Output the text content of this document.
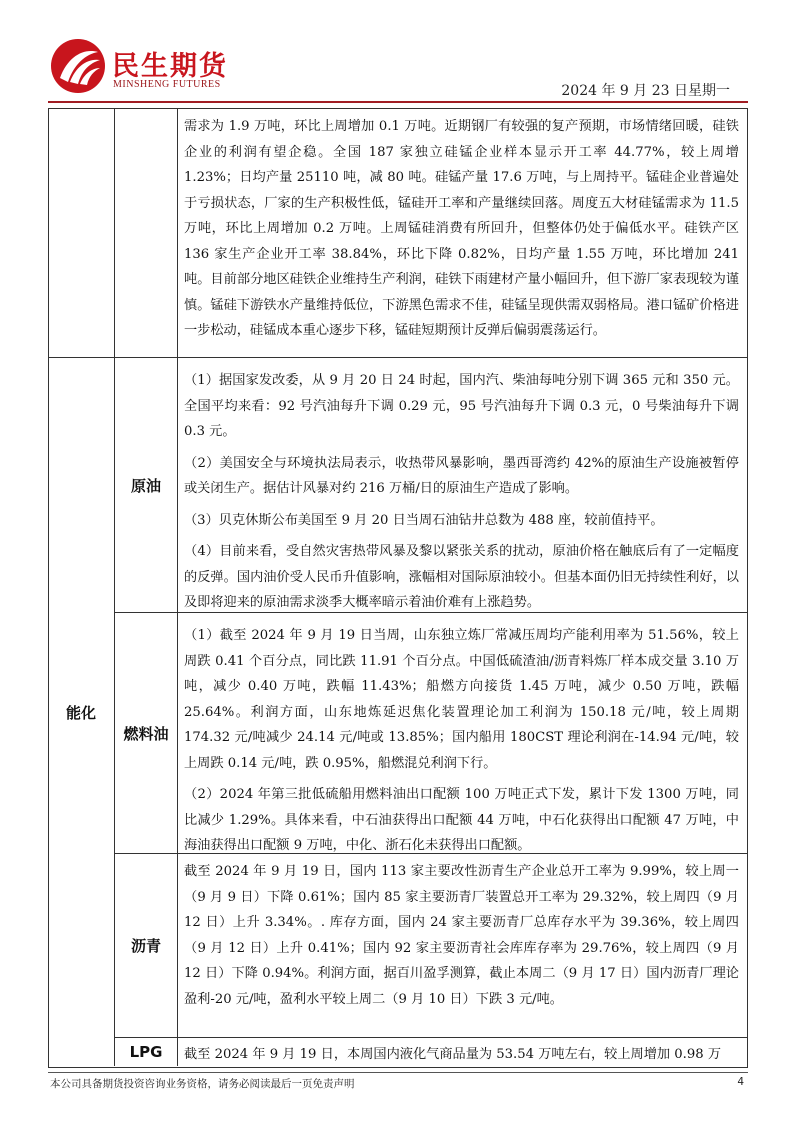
民生期货
MINSHENG FUTURES	2024 年 9 月 23 日星期一
能化
原油
燃料油
沥青
LPG

需求为 1.9 万吨，环比上周增加 0.1 万吨。近期钢厂有较强的复产预期，市场情绪回暖，硅铁企业的利润有望企稳。全国 187 家独立硅锰企业样本显示开工率 44.77%，较上周增 1.23%；日均产量 25110 吨，减 80 吨。硅锰产量 17.6 万吨，与上周持平。锰硅企业普遍处于亏损状态，厂家的生产积极性低，锰硅开工率和产量继续回落。周度五大材硅锰需求为 11.5 万吨，环比上周增加 0.2 万吨。上周锰硅消费有所回升，但整体仍处于偏低水平。硅铁产区 136 家生产企业开工率 38.84%，环比下降 0.82%，日均产量 1.55 万吨，环比增加 241 吨。目前部分地区硅铁企业维持生产利润，硅铁下雨建材产量小幅回升，但下游厂家表现较为谨慎。锰硅下游铁水产量维持低位，下游黑色需求不佳，硅锰呈现供需双弱格局。港口锰矿价格进一步松动，硅锰成本重心逐步下移，锰硅短期预计反弹后偏弱震荡运行。

（1）据国家发改委，从 9 月 20 日 24 时起，国内汽、柴油每吨分别下调 365 元和 350 元。全国平均来看：92 号汽油每升下调 0.29 元，95 号汽油每升下调 0.3 元，0 号柴油每升下调 0.3 元。

（2）美国安全与环境执法局表示，收热带风暴影响，墨西哥湾约 42%的原油生产设施被暂停或关闭生产。据估计风暴对约 216 万桶/日的原油生产造成了影响。

（3）贝克休斯公布美国至 9 月 20 日当周石油钻井总数为 488 座，较前值持平。

（4）目前来看，受自然灾害热带风暴及黎以紧张关系的扰动，原油价格在触底后有了一定幅度的反弹。国内油价受人民币升值影响，涨幅相对国际原油较小。但基本面仍旧无持续性利好，以及即将迎来的原油需求淡季大概率暗示着油价难有上涨趋势。

（1）截至 2024 年 9 月 19 日当周，山东独立炼厂常减压周均产能利用率为 51.56%，较上周跌 0.41 个百分点，同比跌 11.91 个百分点。中国低硫渣油/沥青料炼厂样本成交量 3.10 万吨，减少 0.40 万吨，跌幅 11.43%；船燃方向接货 1.45 万吨，减少 0.50 万吨，跌幅 25.64%。利润方面，山东地炼延迟焦化装置理论加工利润为 150.18 元/吨，较上周期 174.32 元/吨减少 24.14 元/吨或 13.85%；国内船用 180CST 理论利润在-14.94 元/吨，较上周跌 0.14 元/吨，跌 0.95%，船燃混兑利润下行。

（2）2024 年第三批低硫船用燃料油出口配额 100 万吨正式下发，累计下发 1300 万吨，同比减少 1.29%。具体来看，中石油获得出口配额 44 万吨，中石化获得出口配额 47 万吨，中海油获得出口配额 9 万吨，中化、浙石化未获得出口配额。

截至 2024 年 9 月 19 日，国内 113 家主要改性沥青生产企业总开工率为 9.99%，较上周一（9 月 9 日）下降 0.61%；国内 85 家主要沥青厂装置总开工率为 29.32%，较上周四（9 月 12 日）上升 3.34%。. 库存方面，国内 24 家主要沥青厂总库存水平为 39.36%，较上周四（9 月 12 日）上升 0.41%；国内 92 家主要沥青社会库库存率为 29.76%，较上周四（9 月 12 日）下降 0.94%。利润方面，据百川盈孚测算，截止本周二（9 月 17 日）国内沥青厂理论盈利-20 元/吨，盈利水平较上周二（9 月 10 日）下跌 3 元/吨。

截至 2024 年 9 月 19 日，本周国内液化气商品量为 53.54 万吨左右，较上周增加 0.98 万

本公司具备期货投资咨询业务资格，请务必阅读最后一页免责声明	4
